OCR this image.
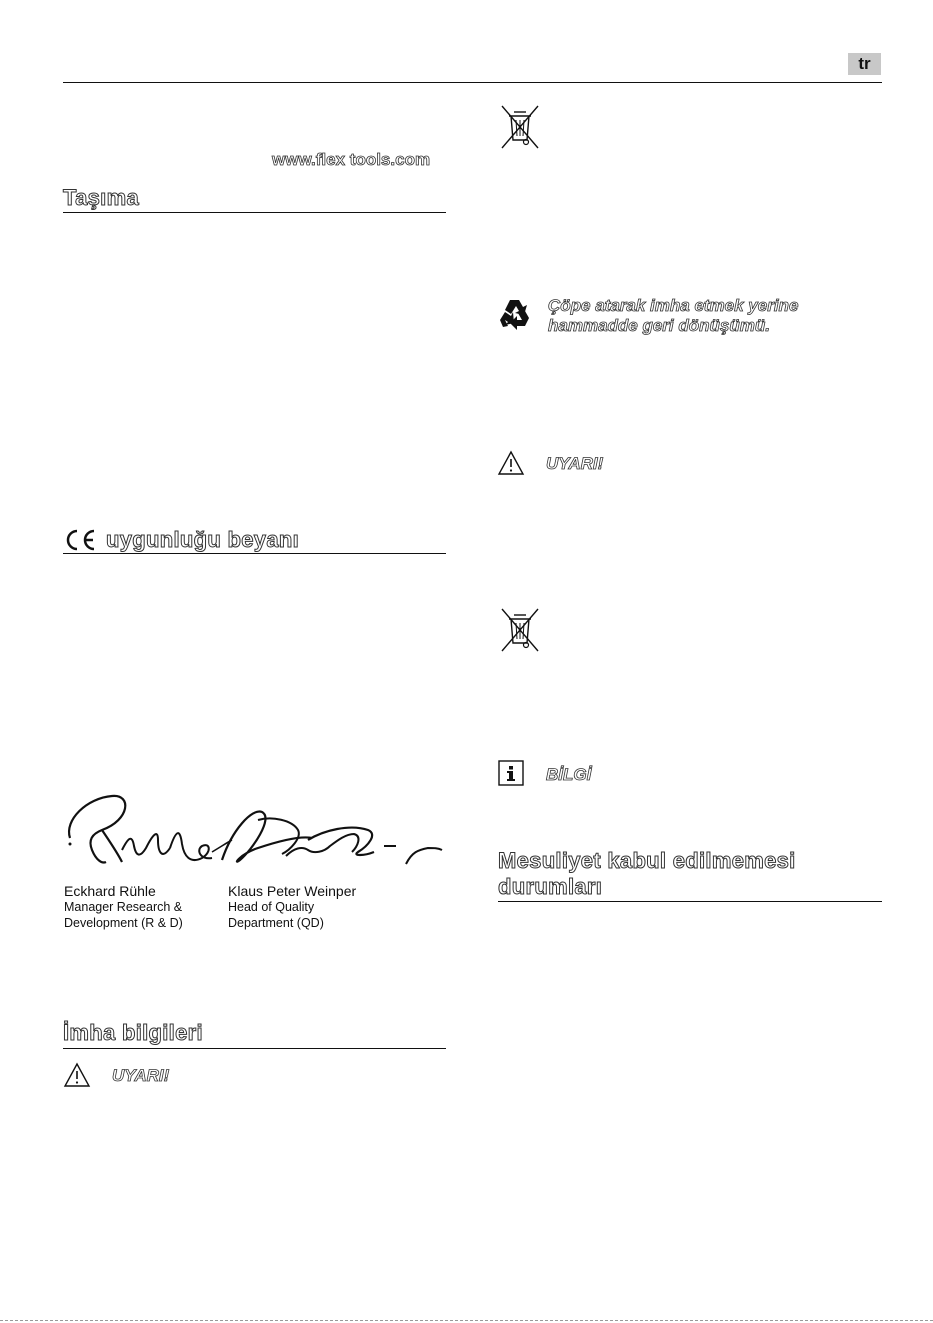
tr
www.flex tools.com
Taşıma
uygunluğu beyanı
Eckhard Rühle
Manager Research &
Development (R & D)
Klaus Peter Weinper
Head of Quality
Department (QD)
İmha bilgileri
UYARI!
Çöpe atarak imha etmek yerine
hammadde geri dönüşümü.
UYARI!
BİLGİ
Mesuliyet kabul edilmemesi
durumları
